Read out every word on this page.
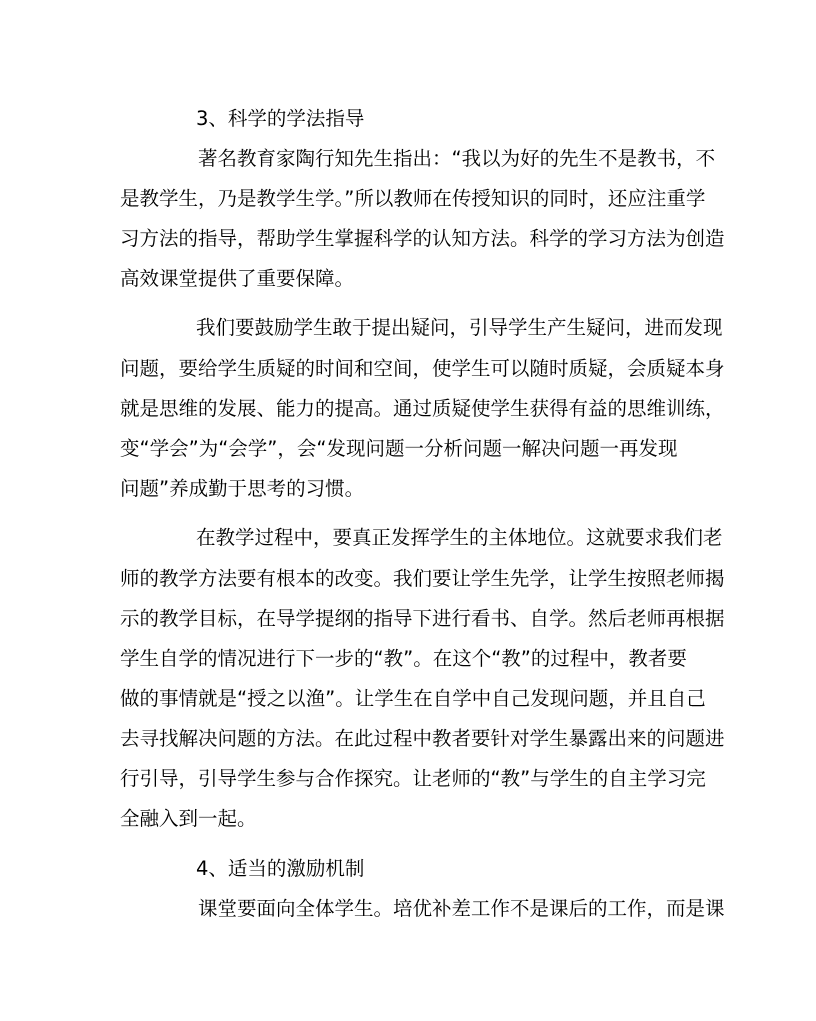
3、科学的学法指导
著名教育家陶行知先生指出：“我以为好的先生不是教书，不
是教学生，乃是教学生学。”所以教师在传授知识的同时，还应注重学
习方法的指导，帮助学生掌握科学的认知方法。科学的学习方法为创造
高效课堂提供了重要保障。
我们要鼓励学生敢于提出疑问，引导学生产生疑问，进而发现
问题，要给学生质疑的时间和空间，使学生可以随时质疑，会质疑本身
就是思维的发展、能力的提高。通过质疑使学生获得有益的思维训练，
变“学会”为“会学”，会“发现问题一分析问题一解决问题一再发现
问题”养成勤于思考的习惯。
在教学过程中，要真正发挥学生的主体地位。这就要求我们老
师的教学方法要有根本的改变。我们要让学生先学，让学生按照老师揭
示的教学目标，在导学提纲的指导下进行看书、自学。然后老师再根据
学生自学的情况进行下一步的“教”。在这个“教”的过程中，教者要
做的事情就是“授之以渔”。让学生在自学中自己发现问题，并且自己
去寻找解决问题的方法。在此过程中教者要针对学生暴露出来的问题进
行引导，引导学生参与合作探究。让老师的“教”与学生的自主学习完
全融入到一起。
4、适当的激励机制
课堂要面向全体学生。培优补差工作不是课后的工作，而是课
